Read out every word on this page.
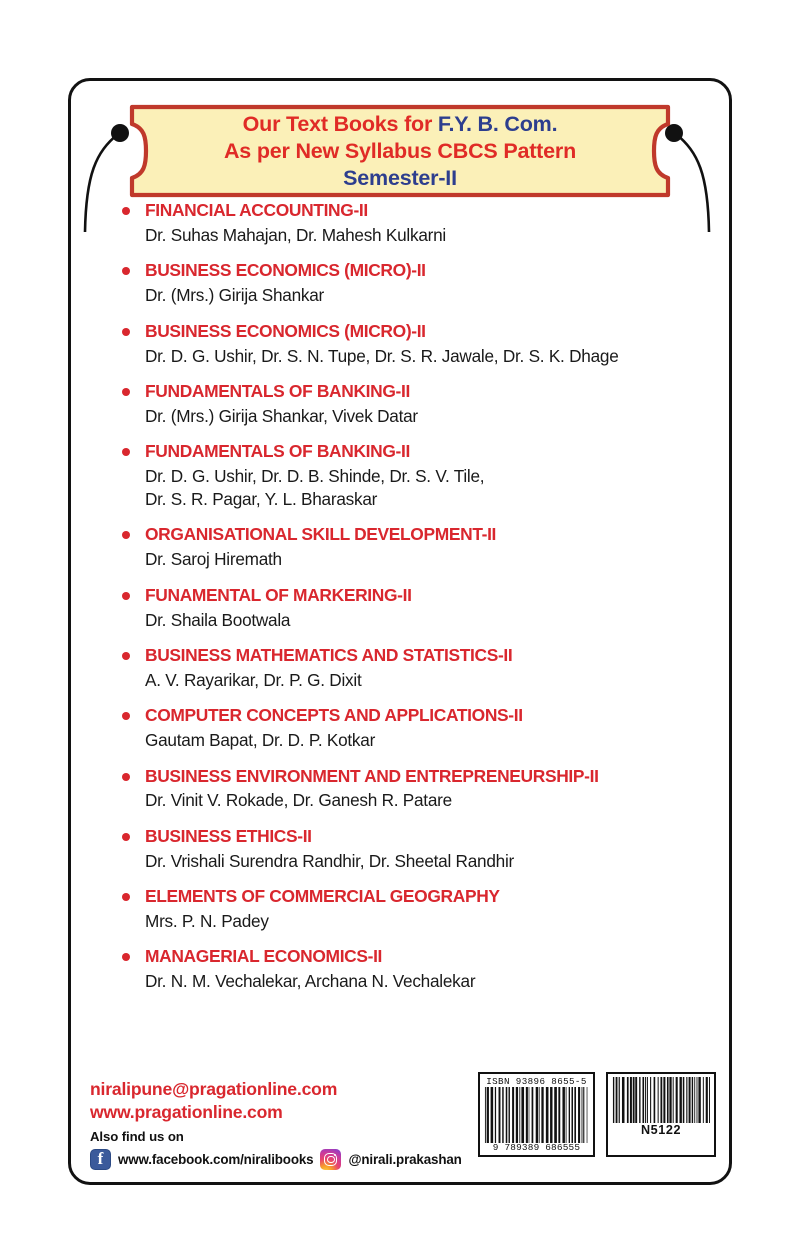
Our Text Books for F.Y. B. Com.
As per New Syllabus CBCS Pattern
Semester-II
FINANCIAL ACCOUNTING-II
Dr. Suhas Mahajan, Dr. Mahesh Kulkarni
BUSINESS ECONOMICS (MICRO)-II
Dr. (Mrs.) Girija Shankar
BUSINESS ECONOMICS (MICRO)-II
Dr. D. G. Ushir, Dr. S. N. Tupe, Dr. S. R. Jawale, Dr. S. K. Dhage
FUNDAMENTALS OF BANKING-II
Dr. (Mrs.) Girija Shankar, Vivek Datar
FUNDAMENTALS OF BANKING-II
Dr. D. G. Ushir, Dr. D. B. Shinde, Dr. S. V. Tile,
Dr. S. R. Pagar, Y. L. Bharaskar
ORGANISATIONAL SKILL DEVELOPMENT-II
Dr. Saroj Hiremath
FUNAMENTAL OF MARKERING-II
Dr. Shaila Bootwala
BUSINESS MATHEMATICS AND STATISTICS-II
A. V. Rayarikar, Dr. P. G. Dixit
COMPUTER CONCEPTS AND APPLICATIONS-II
Gautam Bapat, Dr. D. P. Kotkar
BUSINESS ENVIRONMENT AND ENTREPRENEURSHIP-II
Dr. Vinit V. Rokade, Dr. Ganesh R. Patare
BUSINESS ETHICS-II
Dr. Vrishali Surendra Randhir, Dr. Sheetal Randhir
ELEMENTS OF COMMERCIAL GEOGRAPHY
Mrs. P. N. Padey
MANAGERIAL ECONOMICS-II
Dr. N. M. Vechalekar, Archana N. Vechalekar
niralipune@pragationline.com
www.pragationline.com
Also find us on
f
www.facebook.com/niralibooks	@nirali.prakashan
ISBN 93896 8655-5
9 789389 686555
N5122
